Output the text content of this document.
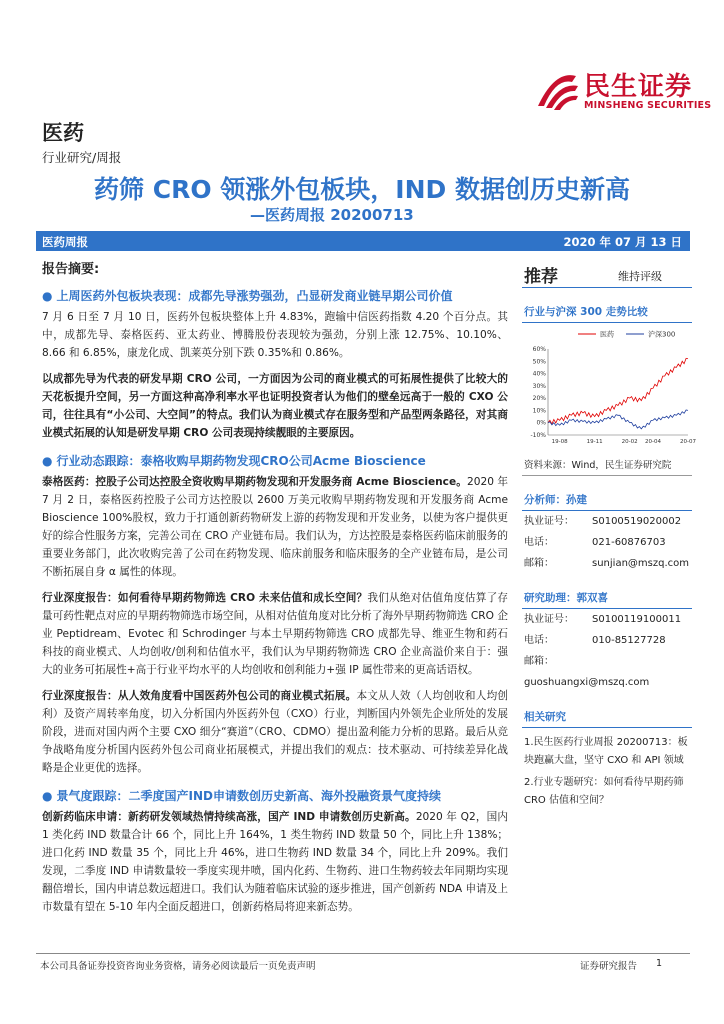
民生证券
MINSHENG SECURITIES
医药
行业研究/周报
药筛 CRO 领涨外包板块，IND 数据创历史新高
—医药周报 20200713
医药周报	2020 年 07 月 13 日
报告摘要:
● 上周医药外包板块表现：成都先导涨势强劲，凸显研发商业链早期公司价值
7 月 6 日至 7 月 10 日，医药外包板块整体上升 4.83%，跑输中信医药指数 4.20 个百分点。其中，成都先导、泰格医药、亚太药业、博腾股份表现较为强劲，分别上涨 12.75%、10.10%、8.66 和 6.85%，康龙化成、凯莱英分别下跌 0.35%和 0.86%。
以成都先导为代表的研发早期 CRO 公司，一方面因为公司的商业模式的可拓展性提供了比较大的天花板提升空间，另一方面这种高净利率水平也证明投资者认为他们的壁垒远高于一般的 CXO 公司，往往具有“小公司、大空间”的特点。我们认为商业模式存在服务型和产品型两条路径，对其商业模式拓展的认知是研发早期 CRO 公司表现持续靓眼的主要原因。
● 行业动态跟踪：泰格收购早期药物发现CRO公司Acme Bioscience
泰格医药：控股子公司达控股全资收购早期药物发现和开发服务商 Acme Bioscience。2020 年 7 月 2 日，泰格医药控股子公司方达控股以 2600 万美元收购早期药物发现和开发服务商 Acme Bioscience 100%股权，致力于打通创新药物研发上游的药物发现和开发业务，以使为客户提供更好的综合性服务方案，完善公司在 CRO 产业链布局。我们认为，方达控股是泰格医药临床前服务的重要业务部门，此次收购完善了公司在药物发现、临床前服务和临床服务的全产业链布局，是公司不断拓展自身 α 属性的体现。
行业深度报告：如何看待早期药物筛选 CRO 未来估值和成长空间？我们从绝对估值角度估算了存量可药性靶点对应的早期药物筛选市场空间，从相对估值角度对比分析了海外早期药物筛选 CRO 企业 Peptidream、Evotec 和 Schrodinger 与本土早期药物筛选 CRO 成都先导、维亚生物和药石科技的商业模式、人均创收/创利和估值水平，我们认为早期药物筛选 CRO 企业高溢价来自于：强大的业务可拓展性+高于行业平均水平的人均创收和创利能力+强 IP 属性带来的更高话语权。
行业深度报告：从人效角度看中国医药外包公司的商业模式拓展。本文从人效（人均创收和人均创利）及资产周转率角度，切入分析国内外医药外包（CXO）行业，判断国内外领先企业所处的发展阶段，进而对国内两个主要 CXO 细分“赛道”（CRO、CDMO）提出盈利能力分析的思路。最后从竞争战略角度分析国内医药外包公司商业拓展模式，并提出我们的观点：技术驱动、可持续差异化战略是企业更优的选择。
● 景气度跟踪：二季度国产IND申请数创历史新高、海外投融资景气度持续
创新药临床申请：新药研发领域热情持续高涨，国产 IND 申请数创历史新高。2020 年 Q2，国内 1 类化药 IND 数量合计 66 个，同比上升 164%，1 类生物药 IND 数量 50 个，同比上升 138%；进口化药 IND 数量 35 个，同比上升 46%，进口生物药 IND 数量 34 个，同比上升 209%。我们发现，二季度 IND 申请数量较一季度实现井喷，国内化药、生物药、进口生物药较去年同期均实现翻倍增长，国内申请总数远超进口。我们认为随着临床试验的逐步推进，国产创新药 NDA 申请及上市数量有望在 5-10 年内全面反超进口，创新药格局将迎来新态势。
推荐	维持评级
行业与沪深 300 走势比较
医药	沪深300
-10%
0%
10%
20%
30%
40%
50%
60%
19-08	19-11	20-02 20-04	20-07
资料来源：Wind，民生证券研究院
分析师：孙建
执业证号： S0100519020002
电话：	021-60876703
邮箱：	sunjian@mszq.com
研究助理：郭双喜
执业证号： S0100119100011
电话：	010-85127728
邮箱：guoshuangxi@mszq.com
相关研究
1.民生医药行业周报 20200713：板块跑赢大盘，坚守 CXO 和 API 领域
2.行业专题研究：如何看待早期药筛 CRO 估值和空间？
本公司具备证券投资咨询业务资格，请务必阅读最后一页免责声明	证券研究报告 1
